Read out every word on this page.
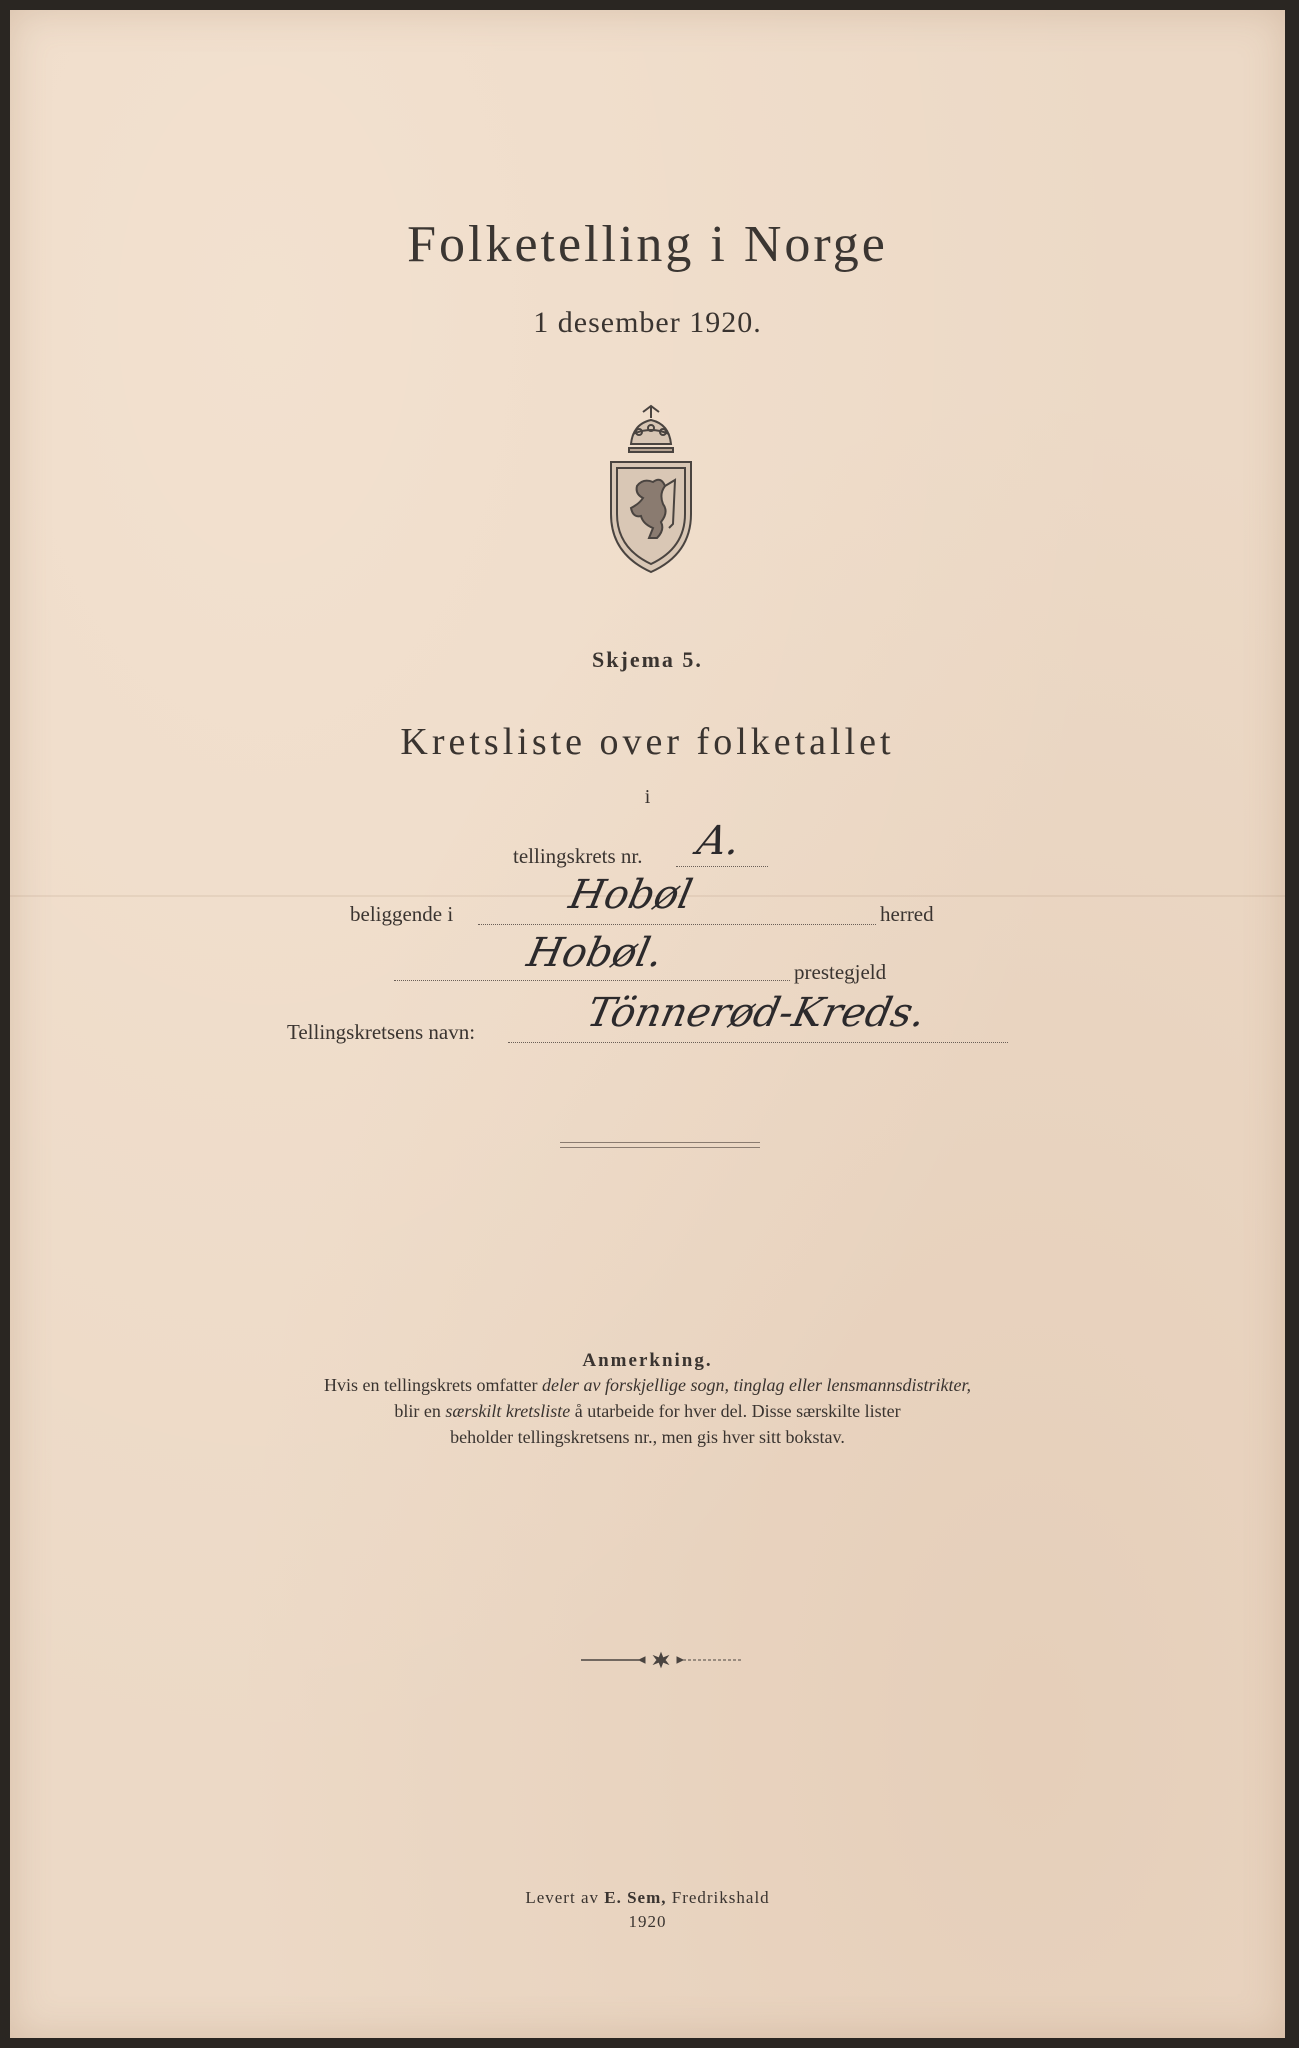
Folketelling i Norge
1 desember 1920.
Skjema 5.
Kretsliste over folketallet
i
tellingskrets nr. A.
beliggende i	Hobøl	herred
Hobøl.	prestegjeld
Tellingskretsens navn:	Tönnerød-Kreds.
Anmerkning.
Hvis en tellingskrets omfatter deler av forskjellige sogn, tinglag eller lensmannsdistrikter,
blir en særskilt kretsliste å utarbeide for hver del. Disse særskilte lister
beholder tellingskretsens nr., men gis hver sitt bokstav.
Levert av E. Sem, Fredrikshald
1920
